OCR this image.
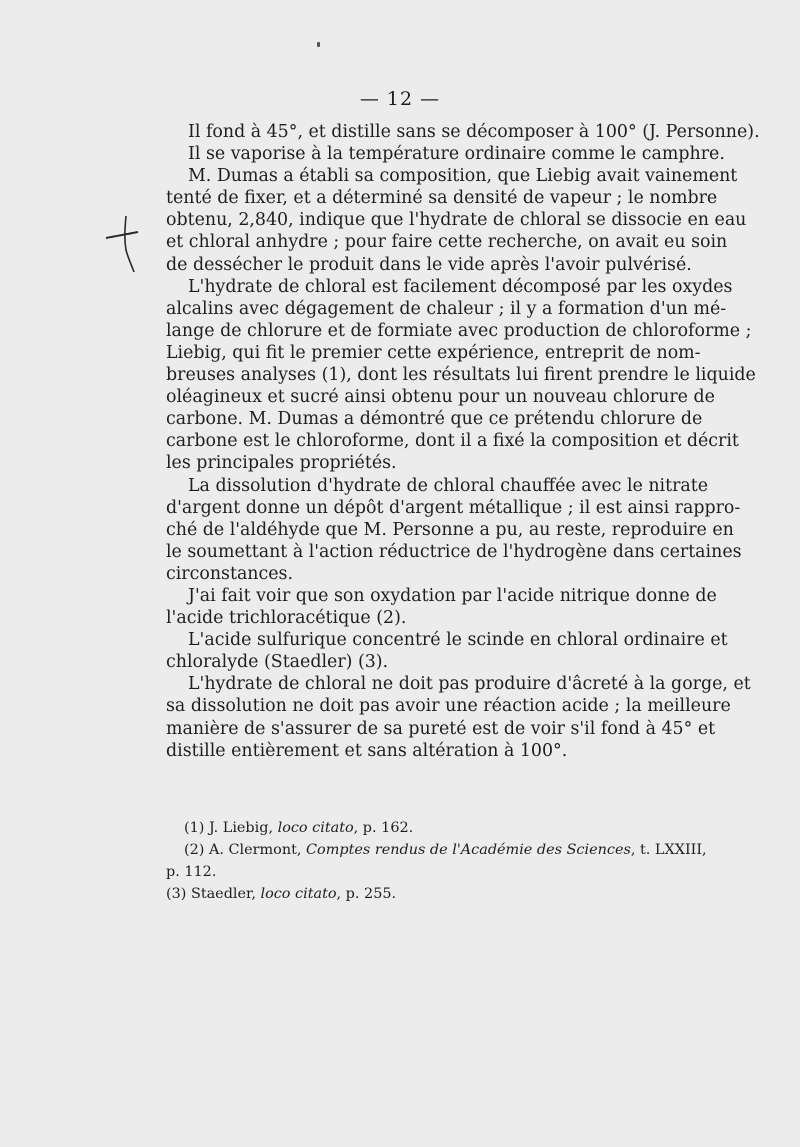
— 12 —
Il fond à 45°, et distille sans se décomposer à 100° (J. Personne).
Il se vaporise à la température ordinaire comme le camphre.
M. Dumas a établi sa composition, que Liebig avait vainement
tenté de fixer, et a déterminé sa densité de vapeur ; le nombre
obtenu, 2,840, indique que l'hydrate de chloral se dissocie en eau
et chloral anhydre ; pour faire cette recherche, on avait eu soin
de dessécher le produit dans le vide après l'avoir pulvérisé.
L'hydrate de chloral est facilement décomposé par les oxydes
alcalins avec dégagement de chaleur ; il y a formation d'un mé-
lange de chlorure et de formiate avec production de chloroforme ;
Liebig, qui fit le premier cette expérience, entreprit de nom-
breuses analyses (1), dont les résultats lui firent prendre le liquide
oléagineux et sucré ainsi obtenu pour un nouveau chlorure de
carbone. M. Dumas a démontré que ce prétendu chlorure de
carbone est le chloroforme, dont il a fixé la composition et décrit
les principales propriétés.
La dissolution d'hydrate de chloral chauffée avec le nitrate
d'argent donne un dépôt d'argent métallique ; il est ainsi rappro-
ché de l'aldéhyde que M. Personne a pu, au reste, reproduire en
le soumettant à l'action réductrice de l'hydrogène dans certaines
circonstances.
J'ai fait voir que son oxydation par l'acide nitrique donne de
l'acide trichloracétique (2).
L'acide sulfurique concentré le scinde en chloral ordinaire et
chloralyde (Staedler) (3).
L'hydrate de chloral ne doit pas produire d'âcreté à la gorge, et
sa dissolution ne doit pas avoir une réaction acide ; la meilleure
manière de s'assurer de sa pureté est de voir s'il fond à 45° et
distille entièrement et sans altération à 100°.
(1) J. Liebig, loco citato, p. 162.
(2) A. Clermont, Comptes rendus de l'Académie des Sciences, t. LXXIII,
p. 112.
(3) Staedler, loco citato, p. 255.
